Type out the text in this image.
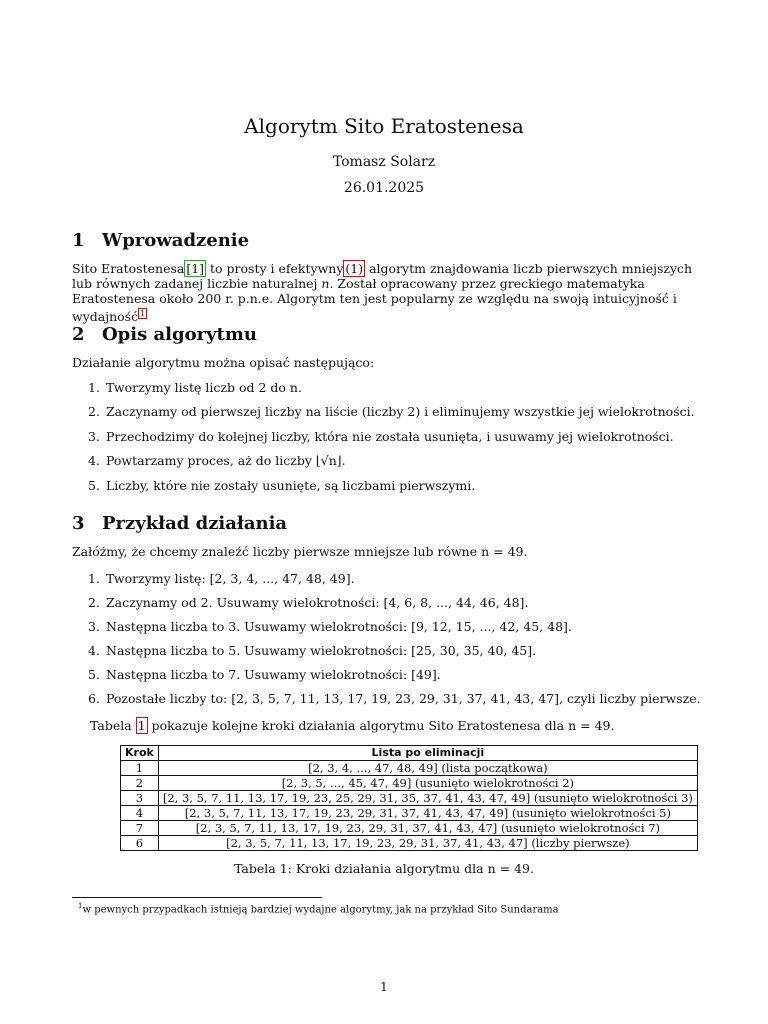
Algorytm Sito Eratostenesa
Tomasz Solarz
26.01.2025
1 Wprowadzenie
Sito Eratostenesa [1] to prosty i efektywny (1) algorytm znajdowania liczb pierwszych mniejszych lub równych zadanej liczbie naturalnej n. Został opracowany przez greckiego matematyka Eratostenesa około 200 r. p.n.e. Algorytm ten jest popularny ze względu na swoją intuicyjność i wydajność $^1$
2 Opis algorytmu
Działanie algorytmu można opisać następująco:
1. Tworzymy listę liczb od 2 do n.
2. Zaczynamy od pierwszej liczby na liście (liczby 2) i eliminujemy wszystkie jej wielokrotności.
3. Przechodzimy do kolejnej liczby, która nie została usunięta, i usuwamy jej wielokrotności.
4. Powtarzamy proces, aż do liczby ⌊√n⌋.
5. Liczby, które nie zostały usunięte, są liczbami pierwszymi.
3 Przykład działania
Załóżmy, że chcemy znaleźć liczby pierwsze mniejsze lub równe n = 49.
1. Tworzymy listę: [2, 3, 4, ..., 47, 48, 49].
2. Zaczynamy od 2. Usuwamy wielokrotności: [4, 6, 8, ..., 44, 46, 48].
3. Następna liczba to 3. Usuwamy wielokrotności: [9, 12, 15, ..., 42, 45, 48].
4. Następna liczba to 5. Usuwamy wielokrotności: [25, 30, 35, 40, 45].
5. Następna liczba to 7. Usuwamy wielokrotności: [49].
6. Pozostałe liczby to: [2, 3, 5, 7, 11, 13, 17, 19, 23, 29, 31, 37, 41, 43, 47], czyli liczby pierwsze.
Tabela 1 pokazuje kolejne kroki działania algorytmu Sito Eratostenesa dla n = 49.
Krok	Lista po eliminacji
1	[2, 3, 4, ..., 47, 48, 49] (lista początkowa)
2	[2, 3, 5, ..., 45, 47, 49] (usunięto wielokrotności 2)
3	[2, 3, 5, 7, 11, 13, 17, 19, 23, 25, 29, 31, 35, 37, 41, 43, 47, 49] (usunięto wielokrotności 3)
4	[2, 3, 5, 7, 11, 13, 17, 19, 23, 29, 31, 37, 41, 43, 47, 49] (usunięto wielokrotności 5)
7	[2, 3, 5, 7, 11, 13, 17, 19, 23, 29, 31, 37, 41, 43, 47] (usunięto wielokrotności 7)
6	[2, 3, 5, 7, 11, 13, 17, 19, 23, 29, 31, 37, 41, 43, 47] (liczby pierwsze)
Tabela 1: Kroki działania algorytmu dla n = 49.
$^1$w pewnych przypadkach istnieją bardziej wydajne algorytmy, jak na przykład Sito Sundarama
1
